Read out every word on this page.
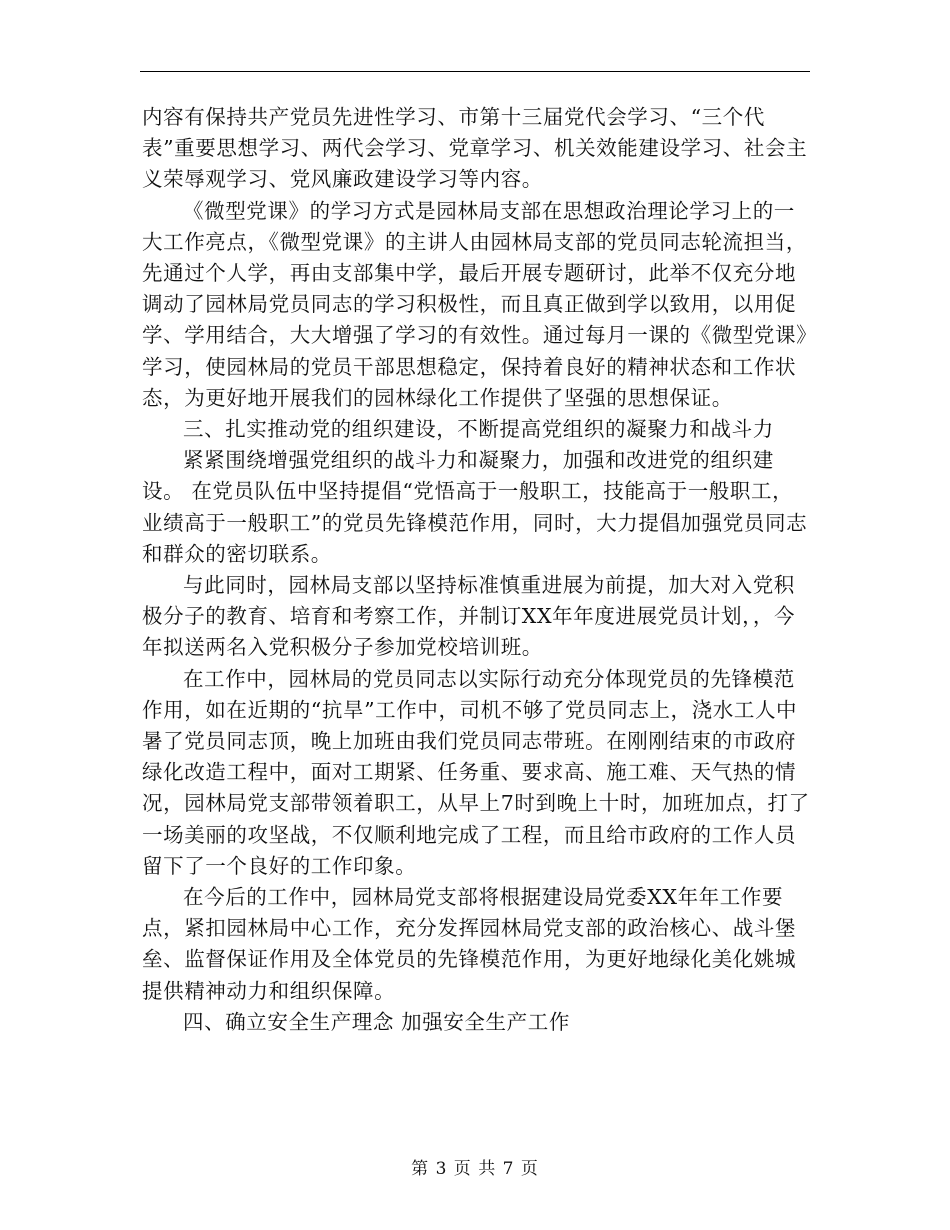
内容有保持共产党员先进性学习、市第十三届党代会学习、“三个代表”重要思想学习、两代会学习、党章学习、机关效能建设学习、社会主义荣辱观学习、党风廉政建设学习等内容。

《微型党课》的学习方式是园林局支部在思想政治理论学习上的一大工作亮点，《微型党课》的主讲人由园林局支部的党员同志轮流担当，先通过个人学，再由支部集中学，最后开展专题研讨，此举不仅充分地调动了园林局党员同志的学习积极性，而且真正做到学以致用，以用促学、学用结合，大大增强了学习的有效性。通过每月一课的《微型党课》学习，使园林局的党员干部思想稳定，保持着良好的精神状态和工作状态，为更好地开展我们的园林绿化工作提供了坚强的思想保证。

三、扎实推动党的组织建设，不断提高党组织的凝聚力和战斗力

紧紧围绕增强党组织的战斗力和凝聚力，加强和改进党的组织建设。 在党员队伍中坚持提倡“党悟高于一般职工，技能高于一般职工，业绩高于一般职工”的党员先锋模范作用，同时，大力提倡加强党员同志和群众的密切联系。

与此同时，园林局支部以坚持标准慎重进展为前提，加大对入党积极分子的教育、培育和考察工作，并制订XX年年度进展党员计划，，今年拟送两名入党积极分子参加党校培训班。

在工作中，园林局的党员同志以实际行动充分体现党员的先锋模范作用，如在近期的“抗旱”工作中，司机不够了党员同志上，浇水工人中暑了党员同志顶，晚上加班由我们党员同志带班。在刚刚结束的市政府绿化改造工程中，面对工期紧、任务重、要求高、施工难、天气热的情况，园林局党支部带领着职工，从早上7时到晚上十时，加班加点，打了一场美丽的攻坚战，不仅顺利地完成了工程，而且给市政府的工作人员留下了一个良好的工作印象。

在今后的工作中，园林局党支部将根据建设局党委XX年年工作要点，紧扣园林局中心工作，充分发挥园林局党支部的政治核心、战斗堡垒、监督保证作用及全体党员的先锋模范作用，为更好地绿化美化姚城提供精神动力和组织保障。

四、确立安全生产理念 加强安全生产工作

第 3 页 共 7 页
